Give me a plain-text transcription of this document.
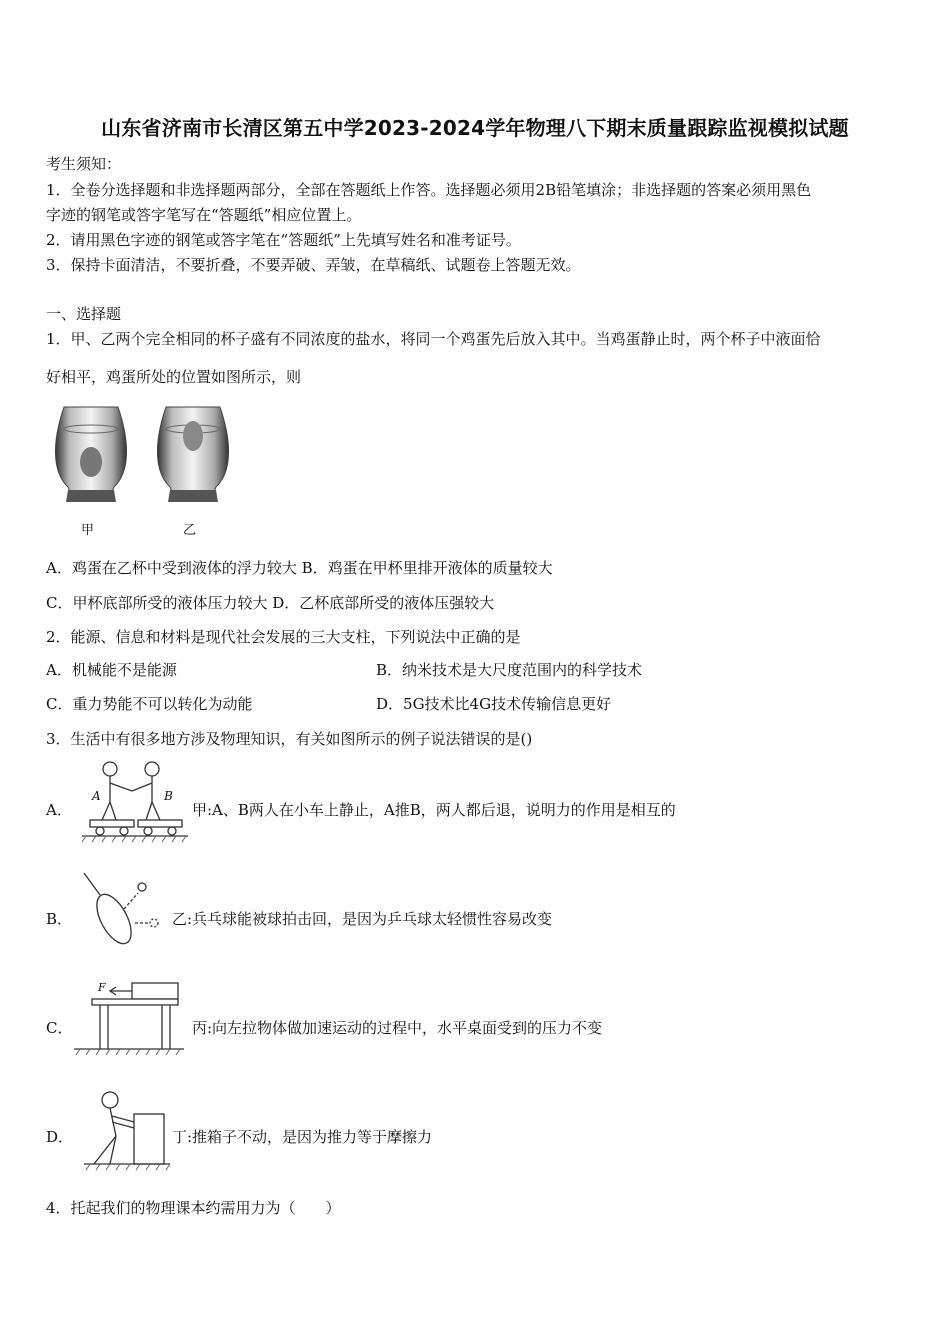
山东省济南市长清区第五中学2023-2024学年物理八下期末质量跟踪监视模拟试题
考生须知：
1．全卷分选择题和非选择题两部分，全部在答题纸上作答。选择题必须用2B铅笔填涂；非选择题的答案必须用黑色
字迹的钢笔或答字笔写在“答题纸”相应位置上。
2．请用黑色字迹的钢笔或答字笔在“答题纸”上先填写姓名和准考证号。
3．保持卡面清洁，不要折叠，不要弄破、弄皱，在草稿纸、试题卷上答题无效。
一、选择题
1．甲、乙两个完全相同的杯子盛有不同浓度的盐水，将同一个鸡蛋先后放入其中。当鸡蛋静止时，两个杯子中液面恰
好相平，鸡蛋所处的位置如图所示，则
甲	乙
A．鸡蛋在乙杯中受到液体的浮力较大 B．鸡蛋在甲杯里排开液体的质量较大
C．甲杯底部所受的液体压力较大 D．乙杯底部所受的液体压强较大
2．能源、信息和材料是现代社会发展的三大支柱，下列说法中正确的是
A．机械能不是能源	B．纳米技术是大尺度范围内的科学技术
C．重力势能不可以转化为动能	D．5G技术比4G技术传输信息更好
3．生活中有很多地方涉及物理知识，有关如图所示的例子说法错误的是()
A．
A	B
甲:A、B两人在小车上静止，A推B，两人都后退，说明力的作用是相互的
B．	乙:兵乓球能被球拍击回，是因为乒乓球太轻惯性容易改变
C．
F
丙:向左拉物体做加速运动的过程中，水平桌面受到的压力不变
D．	丁:推箱子不动，是因为推力等于摩擦力
4．托起我们的物理课本约需用力为（　　）
